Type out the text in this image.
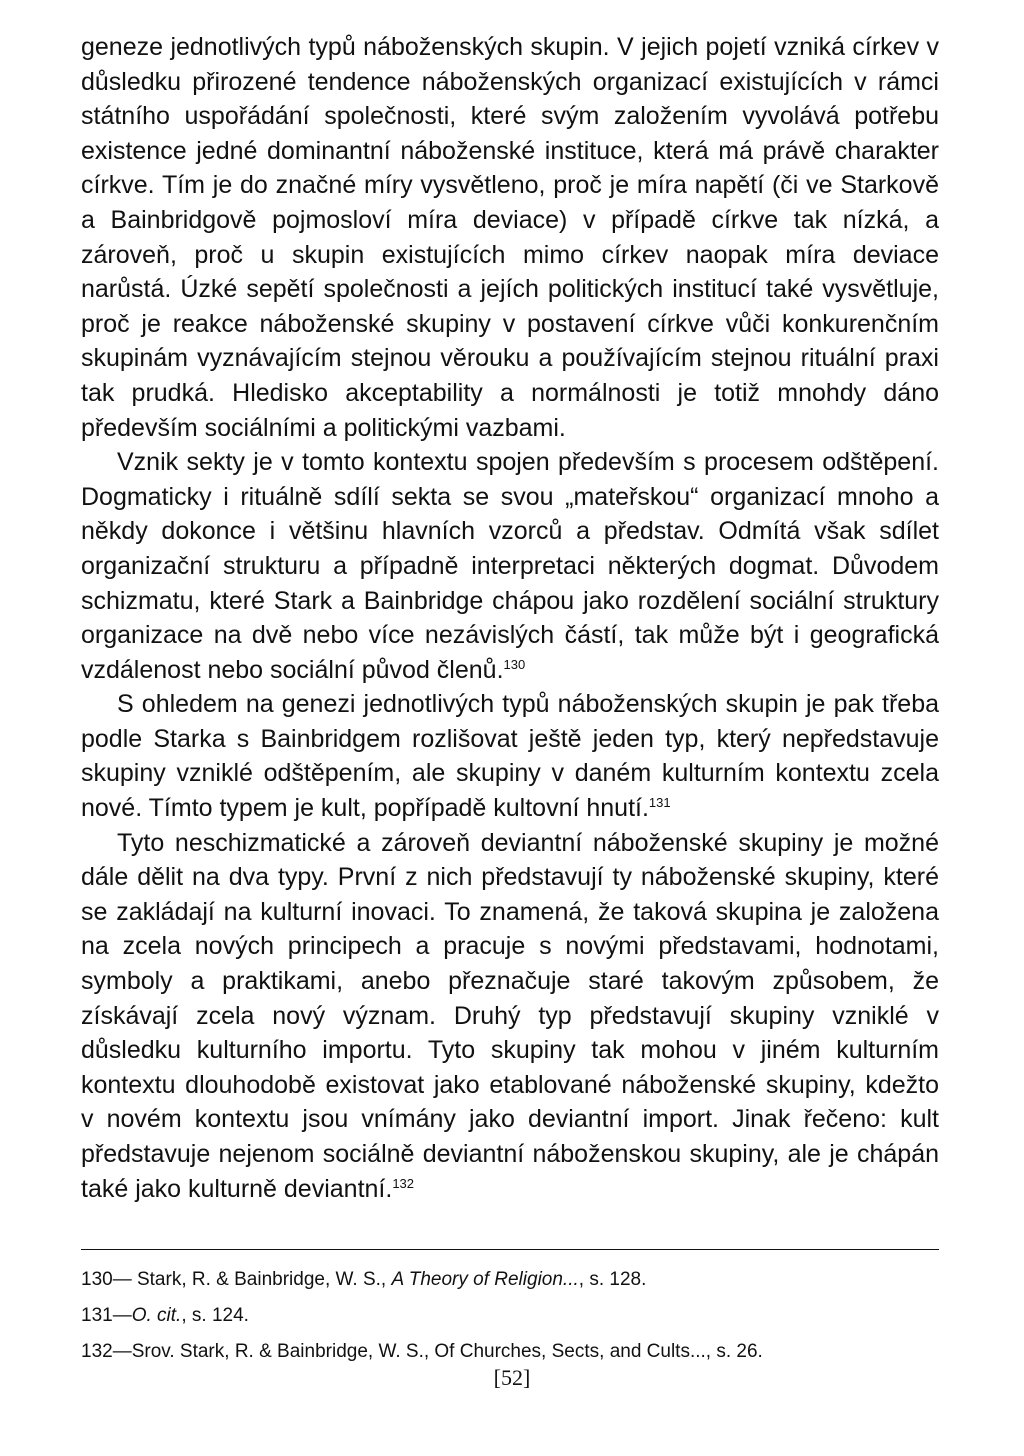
geneze jednotlivých typů náboženských skupin. V jejich pojetí vzniká církev v důsledku přirozené tendence náboženských organizací existujících v rámci státního uspořádání společnosti, které svým založením vyvolává potřebu existence jedné dominantní náboženské instituce, která má právě charakter církve. Tím je do značné míry vysvětleno, proč je míra napětí (či ve Starkově a Bainbridgově pojmosloví míra deviace) v případě církve tak nízká, a zároveň, proč u skupin existujících mimo církev naopak míra deviace narůstá. Úzké sepětí společnosti a jejích politických institucí také vysvětluje, proč je reakce náboženské skupiny v postavení církve vůči konkurenčním skupinám vyznávajícím stejnou věrouku a používajícím stejnou rituální praxi tak prudká. Hledisko akceptability a normálnosti je totiž mnohdy dáno především sociálními a politickými vazbami.

Vznik sekty je v tomto kontextu spojen především s procesem odštěpení. Dogmaticky i rituálně sdílí sekta se svou „mateřskou“ organizací mnoho a někdy dokonce i většinu hlavních vzorců a představ. Odmítá však sdílet organizační strukturu a případně interpretaci některých dogmat. Důvodem schizmatu, které Stark a Bainbridge chápou jako rozdělení sociální struktury organizace na dvě nebo více nezávislých částí, tak může být i geografická vzdálenost nebo sociální původ členů.$^{130}$

S ohledem na genezi jednotlivých typů náboženských skupin je pak třeba podle Starka s Bainbridgem rozlišovat ještě jeden typ, který nepředstavuje skupiny vzniklé odštěpením, ale skupiny v daném kulturním kontextu zcela nové. Tímto typem je kult, popřípadě kultovní hnutí.$^{131}$

Tyto neschizmatické a zároveň deviantní náboženské skupiny je možné dále dělit na dva typy. První z nich představují ty náboženské skupiny, které se zakládají na kulturní inovaci. To znamená, že taková skupina je založena na zcela nových principech a pracuje s novými představami, hodnotami, symboly a praktikami, anebo přeznačuje staré takovým způsobem, že získávají zcela nový význam. Druhý typ představují skupiny vzniklé v důsledku kulturního importu. Tyto skupiny tak mohou v jiném kulturním kontextu dlouhodobě existovat jako etablované náboženské skupiny, kdežto v novém kontextu jsou vnímány jako deviantní import. Jinak řečeno: kult představuje nejenom sociálně deviantní náboženskou skupiny, ale je chápán také jako kulturně deviantní.$^{132}$

130— Stark, R. & Bainbridge, W. S., A Theory of Religion..., s. 128.

131—O. cit., s. 124.

132—Srov. Stark, R. & Bainbridge, W. S., Of Churches, Sects, and Cults..., s. 26.

[52]
